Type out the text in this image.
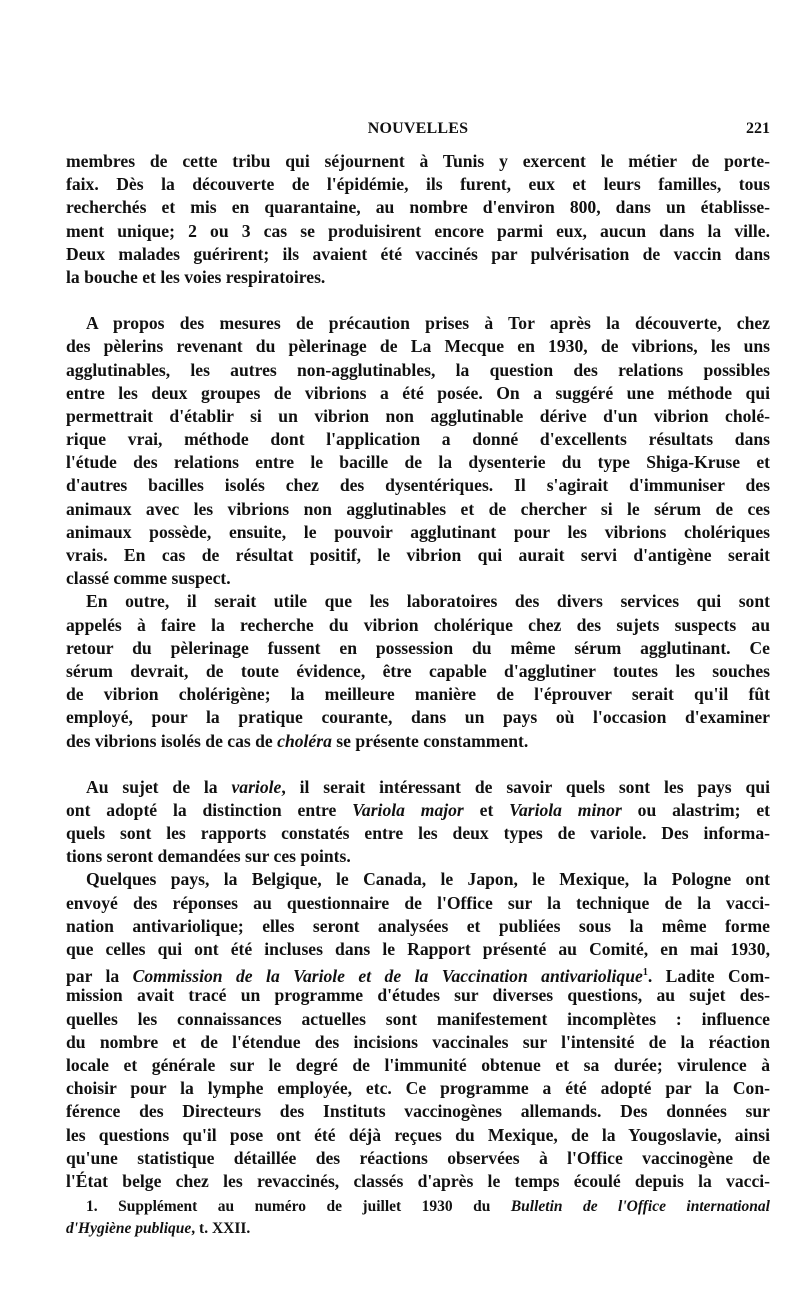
NOUVELLES	221
membres de cette tribu qui séjournent à Tunis y exercent le métier de porte-
faix. Dès la découverte de l'épidémie, ils furent, eux et leurs familles, tous
recherchés et mis en quarantaine, au nombre d'environ 800, dans un établisse-
ment unique; 2 ou 3 cas se produisirent encore parmi eux, aucun dans la ville.
Deux malades guérirent; ils avaient été vaccinés par pulvérisation de vaccin dans
la bouche et les voies respiratoires.
A propos des mesures de précaution prises à Tor après la découverte, chez
des pèlerins revenant du pèlerinage de La Mecque en 1930, de vibrions, les uns
agglutinables, les autres non-agglutinables, la question des relations possibles
entre les deux groupes de vibrions a été posée. On a suggéré une méthode qui
permettrait d'établir si un vibrion non agglutinable dérive d'un vibrion cholé-
rique vrai, méthode dont l'application a donné d'excellents résultats dans
l'étude des relations entre le bacille de la dysenterie du type Shiga-Kruse et
d'autres bacilles isolés chez des dysentériques. Il s'agirait d'immuniser des
animaux avec les vibrions non agglutinables et de chercher si le sérum de ces
animaux possède, ensuite, le pouvoir agglutinant pour les vibrions cholériques
vrais. En cas de résultat positif, le vibrion qui aurait servi d'antigène serait
classé comme suspect.
En outre, il serait utile que les laboratoires des divers services qui sont
appelés à faire la recherche du vibrion cholérique chez des sujets suspects au
retour du pèlerinage fussent en possession du même sérum agglutinant. Ce
sérum devrait, de toute évidence, être capable d'agglutiner toutes les souches
de vibrion cholérigène; la meilleure manière de l'éprouver serait qu'il fût
employé, pour la pratique courante, dans un pays où l'occasion d'examiner
des vibrions isolés de cas de choléra se présente constamment.
Au sujet de la variole, il serait intéressant de savoir quels sont les pays qui
ont adopté la distinction entre Variola major et Variola minor ou alastrim; et
quels sont les rapports constatés entre les deux types de variole. Des informa-
tions seront demandées sur ces points.
Quelques pays, la Belgique, le Canada, le Japon, le Mexique, la Pologne ont
envoyé des réponses au questionnaire de l'Office sur la technique de la vacci-
nation antivariolique; elles seront analysées et publiées sous la même forme
que celles qui ont été incluses dans le Rapport présenté au Comité, en mai 1930,
par la Commission de la Variole et de la Vaccination antivariolique$^1$. Ladite Com-
mission avait tracé un programme d'études sur diverses questions, au sujet des-
quelles les connaissances actuelles sont manifestement incomplètes : influence
du nombre et de l'étendue des incisions vaccinales sur l'intensité de la réaction
locale et générale sur le degré de l'immunité obtenue et sa durée; virulence à
choisir pour la lymphe employée, etc. Ce programme a été adopté par la Con-
férence des Directeurs des Instituts vaccinogènes allemands. Des données sur
les questions qu'il pose ont été déjà reçues du Mexique, de la Yougoslavie, ainsi
qu'une statistique détaillée des réactions observées à l'Office vaccinogène de
l'État belge chez les revaccinés, classés d'après le temps écoulé depuis la vacci-
1. Supplément au numéro de juillet 1930 du Bulletin de l'Office international
d'Hygiène publique, t. XXII.
